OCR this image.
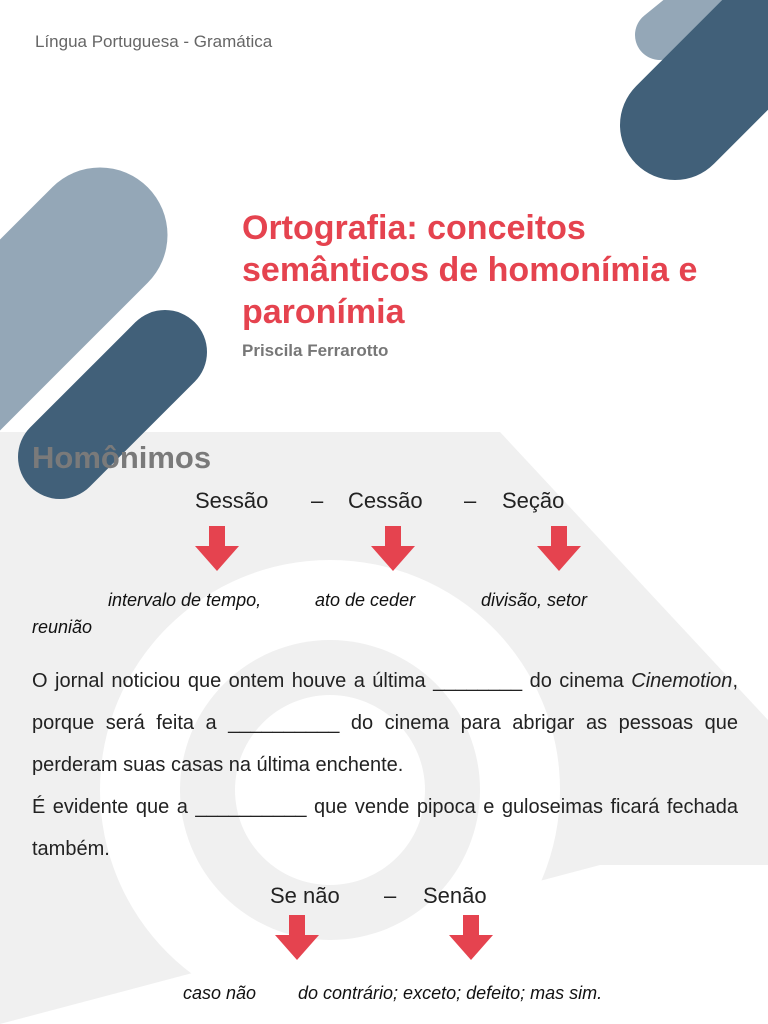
Língua Portuguesa - Gramática

Ortografia: conceitos semânticos de homonímia e paronímia

Priscila Ferrarotto

Homônimos
Sessão – Cessão – Seção
intervalo de tempo,	ato de ceder	divisão, setor
reunião

O jornal noticiou que ontem houve a última ________ do cinema Cinemotion, porque será feita a __________ do cinema para abrigar as pessoas que perderam suas casas na última enchente.

É evidente que a __________ que vende pipoca e guloseimas ficará fechada também.

Se não – Senão
caso não do contrário; exceto; defeito; mas sim.
